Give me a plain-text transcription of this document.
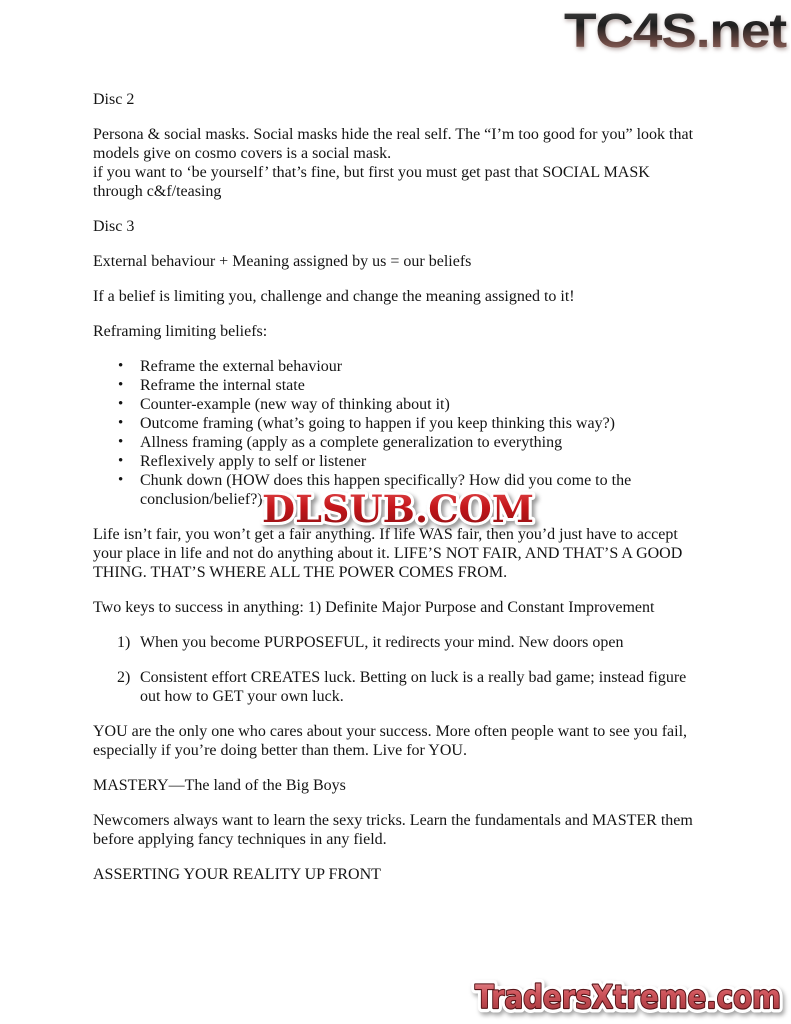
TC4S.net
Disc 2
Persona & social masks. Social masks hide the real self. The “I’m too good for you” look that models give on cosmo covers is a social mask.
if you want to ‘be yourself’ that’s fine, but first you must get past that SOCIAL MASK through c&f/teasing
Disc 3
External behaviour + Meaning assigned by us = our beliefs
If a belief is limiting you, challenge and change the meaning assigned to it!
Reframing limiting beliefs:
•	Reframe the external behaviour
•	Reframe the internal state
•	Counter-example (new way of thinking about it)
•	Outcome framing (what’s going to happen if you keep thinking this way?)
•	Allness framing (apply as a complete generalization to everything
•	Reflexively apply to self or listener
•	Chunk down (HOW does this happen specifically? How did you come to the conclusion/belief?)
Life isn’t fair, you won’t get a fair anything. If life WAS fair, then you’d just have to accept your place in life and not do anything about it. LIFE’S NOT FAIR, AND THAT’S A GOOD THING. THAT’S WHERE ALL THE POWER COMES FROM.
Two keys to success in anything: 1) Definite Major Purpose and Constant Improvement
1) When you become PURPOSEFUL, it redirects your mind. New doors open
2) Consistent effort CREATES luck. Betting on luck is a really bad game; instead figure out how to GET your own luck.
YOU are the only one who cares about your success. More often people want to see you fail, especially if you’re doing better than them. Live for YOU.
MASTERY—The land of the Big Boys
Newcomers always want to learn the sexy tricks. Learn the fundamentals and MASTER them before applying fancy techniques in any field.
ASSERTING YOUR REALITY UP FRONT
DLSUB.COM
TradersXtreme.com
TradersXtreme.com
